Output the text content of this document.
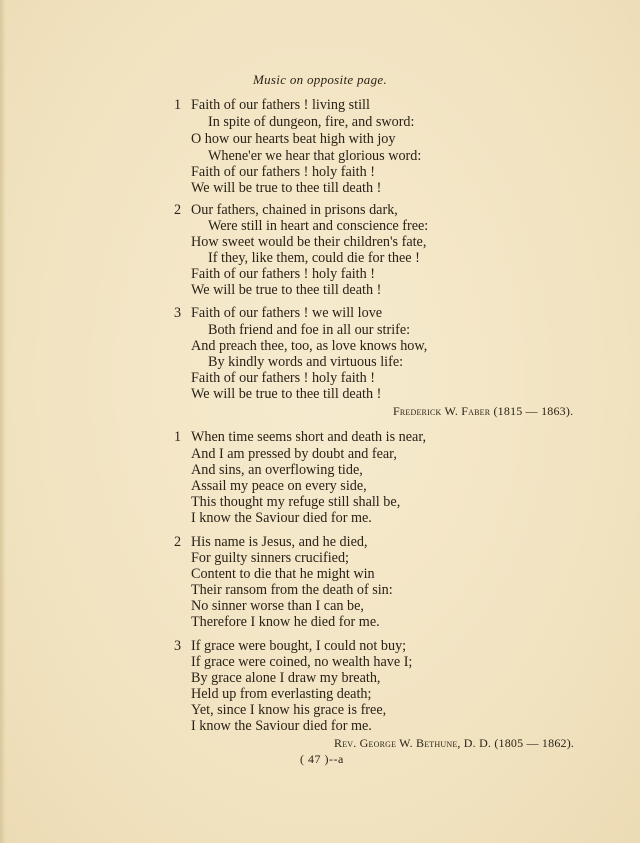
Music on opposite page.
1 Faith of our fathers ! living still
In spite of dungeon, fire, and sword:
O how our hearts beat high with joy
Whene'er we hear that glorious word:
Faith of our fathers ! holy faith !
We will be true to thee till death !
2 Our fathers, chained in prisons dark,
Were still in heart and conscience free:
How sweet would be their children's fate,
If they, like them, could die for thee !
Faith of our fathers ! holy faith !
We will be true to thee till death !
3 Faith of our fathers ! we will love
Both friend and foe in all our strife:
And preach thee, too, as love knows how,
By kindly words and virtuous life:
Faith of our fathers ! holy faith !
We will be true to thee till death !
Frederick W. Faber (1815 — 1863).
1 When time seems short and death is near,
And I am pressed by doubt and fear,
And sins, an overflowing tide,
Assail my peace on every side,
This thought my refuge still shall be,
I know the Saviour died for me.
2 His name is Jesus, and he died,
For guilty sinners crucified;
Content to die that he might win
Their ransom from the death of sin:
No sinner worse than I can be,
Therefore I know he died for me.
3 If grace were bought, I could not buy;
If grace were coined, no wealth have I;
By grace alone I draw my breath,
Held up from everlasting death;
Yet, since I know his grace is free,
I know the Saviour died for me.
Rev. George W. Bethune, D. D. (1805 — 1862).
( 47 )--a
